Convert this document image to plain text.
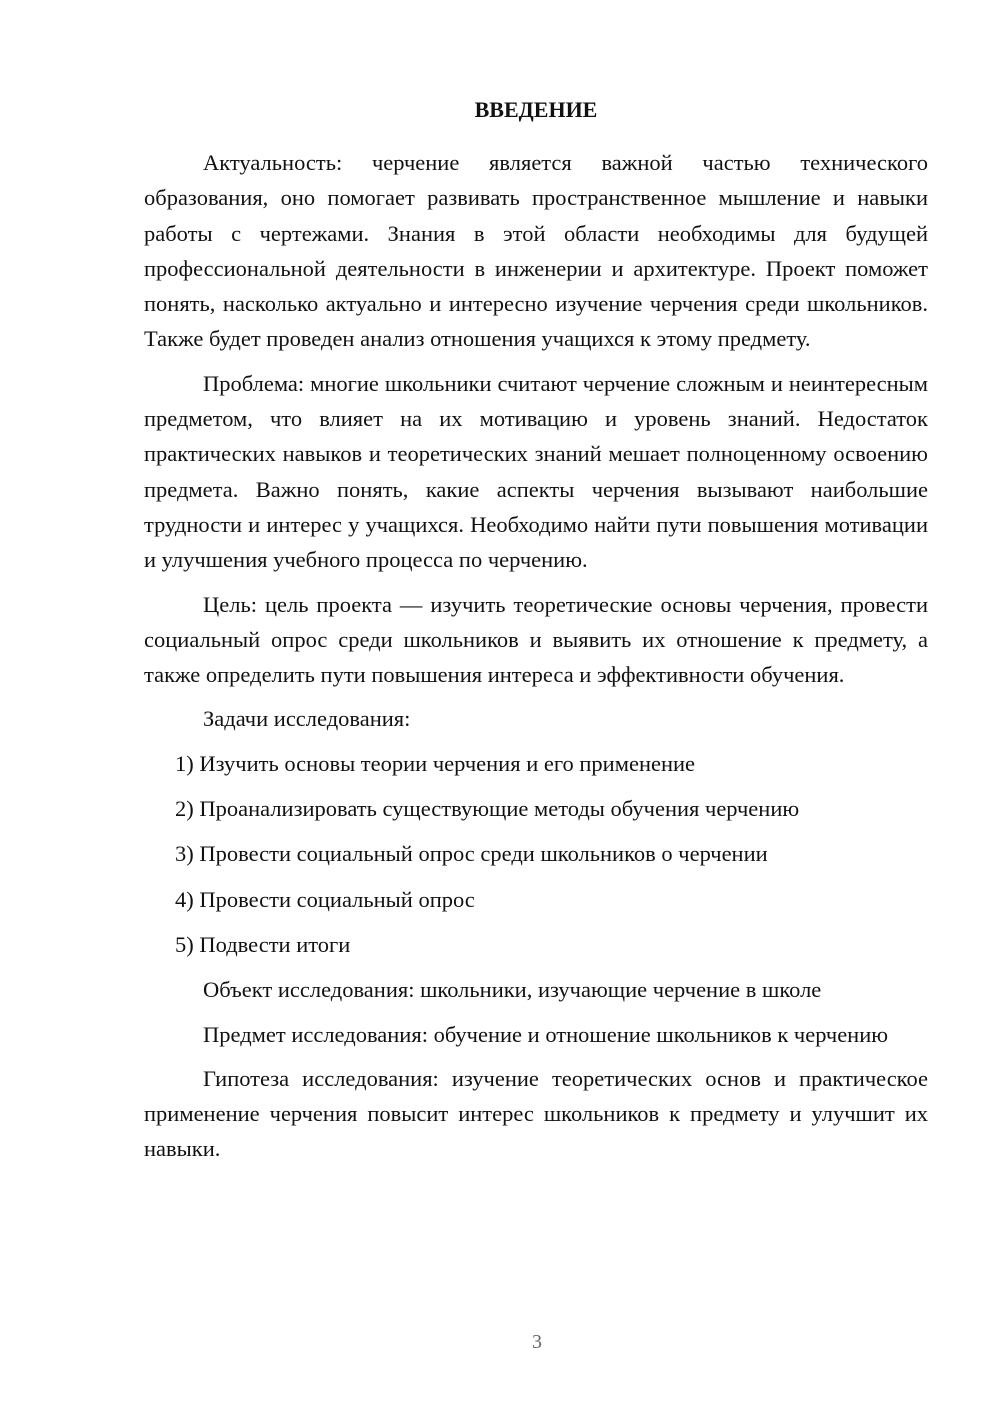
ВВЕДЕНИЕ

Актуальность: черчение является важной частью технического образования, оно помогает развивать пространственное мышление и навыки работы с чертежами. Знания в этой области необходимы для будущей профессиональной деятельности в инженерии и архитектуре. Проект поможет понять, насколько актуально и интересно изучение черчения среди школьников. Также будет проведен анализ отношения учащихся к этому предмету.

Проблема: многие школьники считают черчение сложным и неинтересным предметом, что влияет на их мотивацию и уровень знаний. Недостаток практических навыков и теоретических знаний мешает полноценному освоению предмета. Важно понять, какие аспекты черчения вызывают наибольшие трудности и интерес у учащихся. Необходимо найти пути повышения мотивации и улучшения учебного процесса по черчению.

Цель: цель проекта — изучить теоретические основы черчения, провести социальный опрос среди школьников и выявить их отношение к предмету, а также определить пути повышения интереса и эффективности обучения.

Задачи исследования:
1) Изучить основы теории черчения и его применение
2) Проанализировать существующие методы обучения черчению
3) Провести социальный опрос среди школьников о черчении
4) Провести социальный опрос
5) Подвести итоги

Объект исследования: школьники, изучающие черчение в школе

Предмет исследования: обучение и отношение школьников к черчению

Гипотеза исследования: изучение теоретических основ и практическое применение черчения повысит интерес школьников к предмету и улучшит их навыки.

3
